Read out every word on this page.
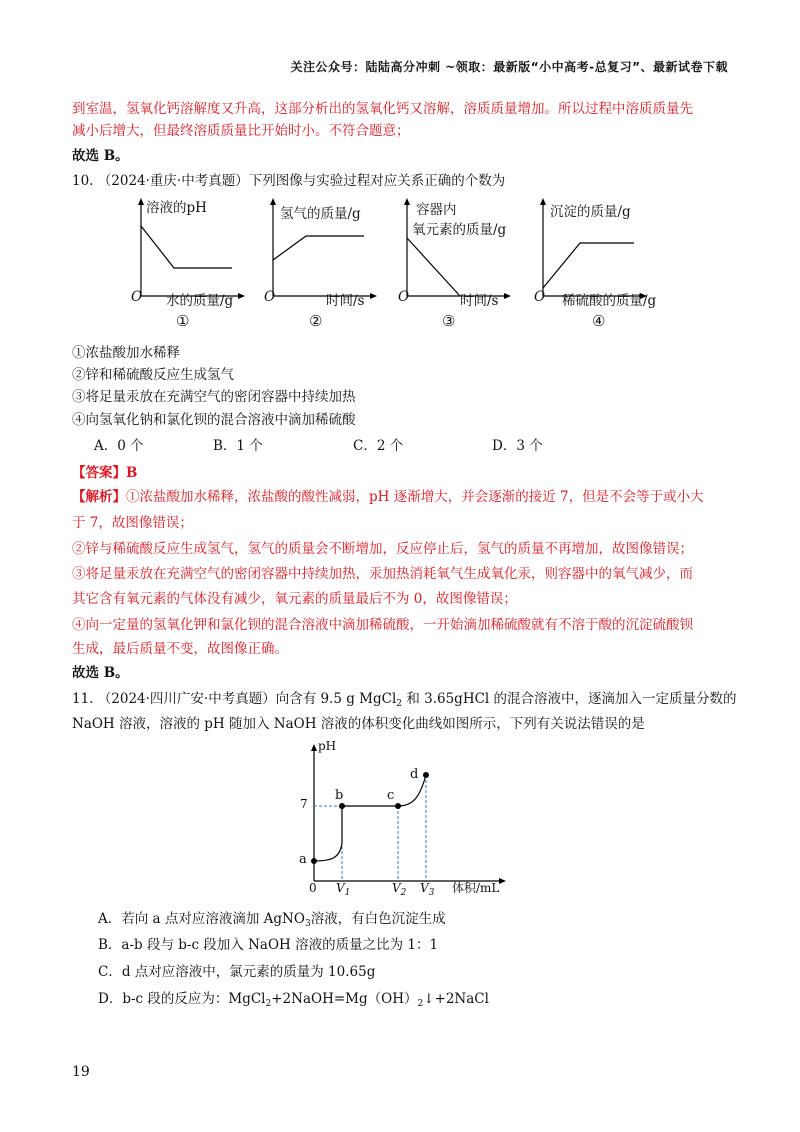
关注公众号：陆陆高分冲刺 ~领取：最新版“小中高考-总复习”、最新试卷下载
到室温，氢氧化钙溶解度又升高，这部分析出的氢氧化钙又溶解，溶质质量增加。所以过程中溶质质量先
减小后增大，但最终溶质质量比开始时小。不符合题意；
故选 B。
10. （2024·重庆·中考真题）下列图像与实验过程对应关系正确的个数为
溶液的pH
O 水的质量/g
①
氢气的质量/g
O	时间/s
②
容器内
氧元素的质量/g
O	时间/s
③
沉淀的质量/g
O 稀硫酸的质量/g
④
①浓盐酸加水稀释
②锌和稀硫酸反应生成氢气
③将足量汞放在充满空气的密闭容器中持续加热
④向氢氧化钠和氯化钡的混合溶液中滴加稀硫酸
A．0 个	B．1 个	C．2 个	D．3 个
【答案】B
【解析】①浓盐酸加水稀释，浓盐酸的酸性减弱，pH 逐渐增大，并会逐渐的接近 7，但是不会等于或小大
于 7，故图像错误；
②锌与稀硫酸反应生成氢气，氢气的质量会不断增加，反应停止后，氢气的质量不再增加，故图像错误；
③将足量汞放在充满空气的密闭容器中持续加热，汞加热消耗氧气生成氧化汞，则容器中的氧气减少，而
其它含有氧元素的气体没有减少，氧元素的质量最后不为 0，故图像错误；
④向一定量的氢氧化钾和氯化钡的混合溶液中滴加稀硫酸，一开始滴加稀硫酸就有不溶于酸的沉淀硫酸钡
生成，最后质量不变，故图像正确。
故选 B。
11. （2024·四川广安·中考真题）向含有 9.5 g MgCl$_2$ 和 3.65gHCl 的混合溶液中，逐滴加入一定质量分数的
NaOH 溶液，溶液的 pH 随加入 NaOH 溶液的体积变化曲线如图所示，下列有关说法错误的是
pH
7
a
b	c
d
0 $V_1$	$V_2$ $V_3$ 体积/mL
A．若向 a 点对应溶液滴加 AgNO$_3$溶液，有白色沉淀生成
B．a-b 段与 b-c 段加入 NaOH 溶液的质量之比为 1：1
C．d 点对应溶液中，氯元素的质量为 10.65g
D．b-c 段的反应为：$MgCl_2+2NaOH=Mg(OH)_2↓+2NaCl$
19
